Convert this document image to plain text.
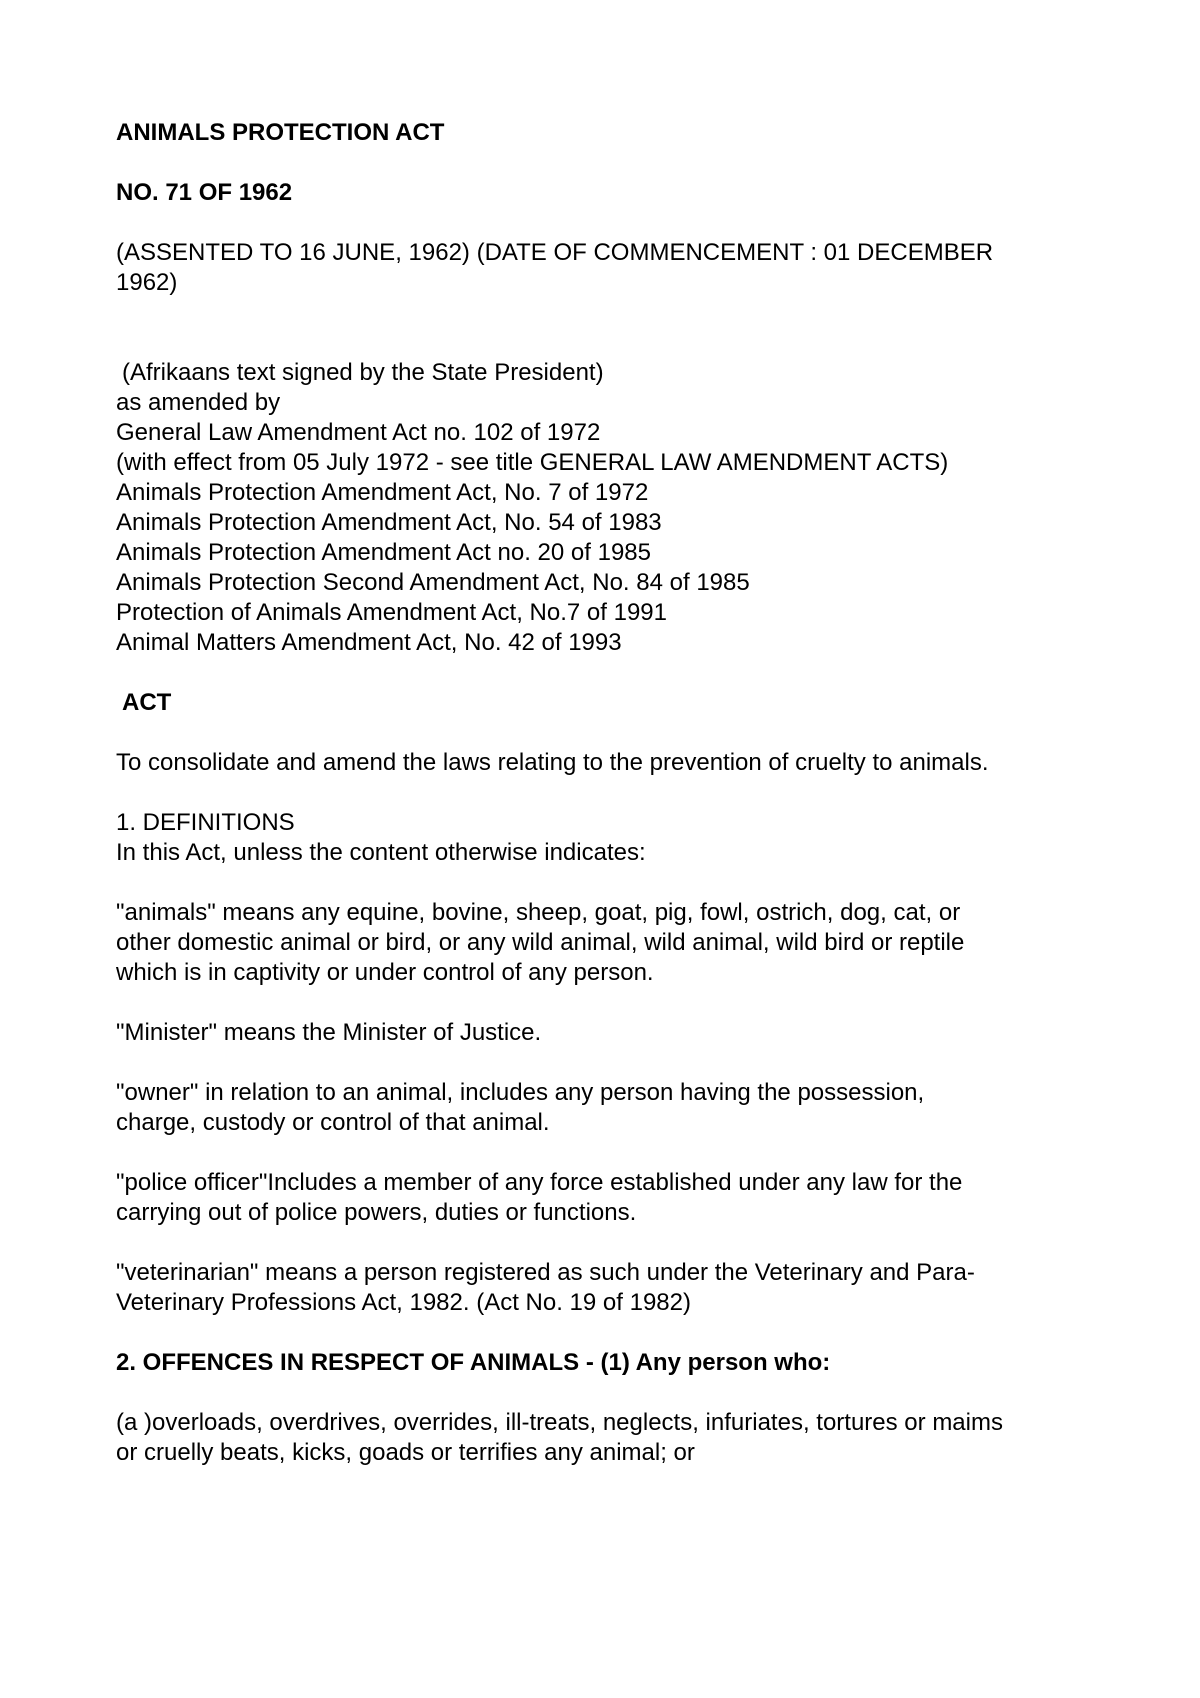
ANIMALS PROTECTION ACT
NO. 71 OF 1962
(ASSENTED TO 16 JUNE, 1962) (DATE OF COMMENCEMENT : 01 DECEMBER
1962)
(Afrikaans text signed by the State President)
as amended by
General Law Amendment Act no. 102 of 1972
(with effect from 05 July 1972 - see title GENERAL LAW AMENDMENT ACTS)
Animals Protection Amendment Act, No. 7 of 1972
Animals Protection Amendment Act, No. 54 of 1983
Animals Protection Amendment Act no. 20 of 1985
Animals Protection Second Amendment Act, No. 84 of 1985
Protection of Animals Amendment Act, No.7 of 1991
Animal Matters Amendment Act, No. 42 of 1993
ACT
To consolidate and amend the laws relating to the prevention of cruelty to animals.
1. DEFINITIONS
In this Act, unless the content otherwise indicates:
"animals" means any equine, bovine, sheep, goat, pig, fowl, ostrich, dog, cat, or
other domestic animal or bird, or any wild animal, wild animal, wild bird or reptile
which is in captivity or under control of any person.
"Minister" means the Minister of Justice.
"owner" in relation to an animal, includes any person having the possession,
charge, custody or control of that animal.
"police officer"Includes a member of any force established under any law for the
carrying out of police powers, duties or functions.
"veterinarian" means a person registered as such under the Veterinary and Para-
Veterinary Professions Act, 1982. (Act No. 19 of 1982)
2. OFFENCES IN RESPECT OF ANIMALS - (1) Any person who:
(a )overloads, overdrives, overrides, ill-treats, neglects, infuriates, tortures or maims
or cruelly beats, kicks, goads or terrifies any animal; or
